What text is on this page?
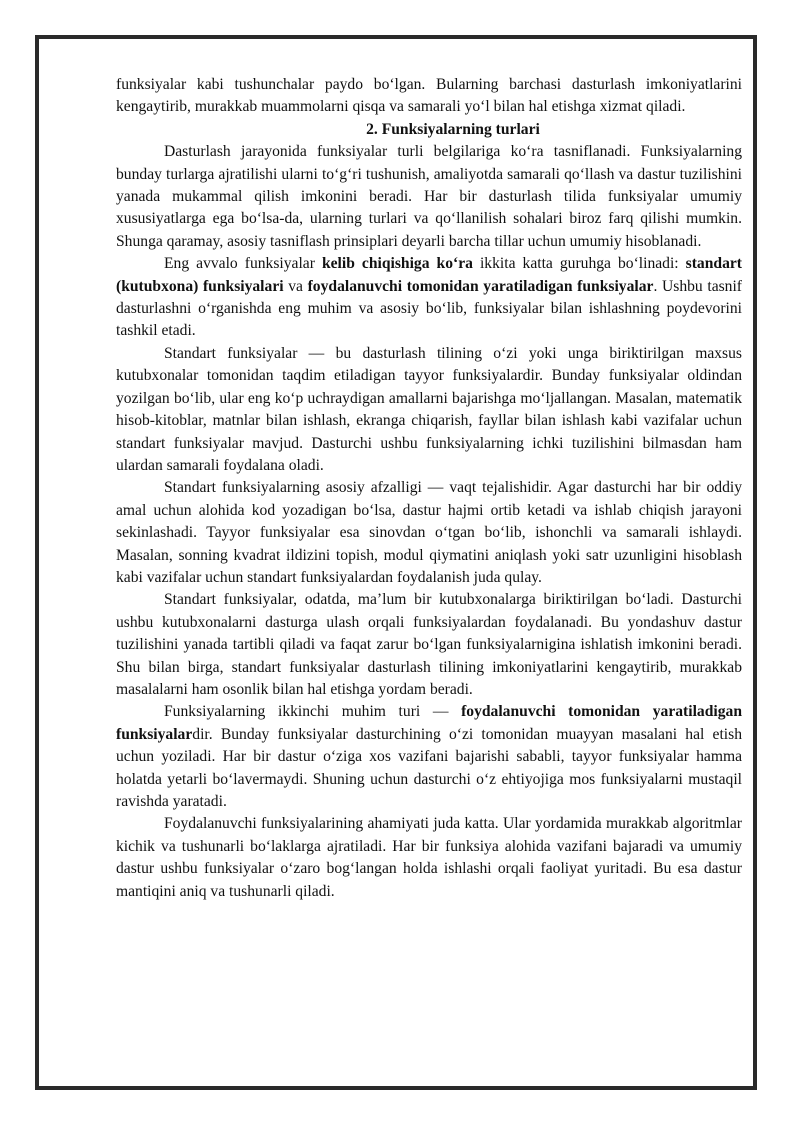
funksiyalar kabi tushunchalar paydo bo‘lgan. Bularning barchasi dasturlash imkoniyatlarini kengaytirib, murakkab muammolarni qisqa va samarali yo‘l bilan hal etishga xizmat qiladi.

2. Funksiyalarning turlari

Dasturlash jarayonida funksiyalar turli belgilariga ko‘ra tasniflanadi. Funksiyalarning bunday turlarga ajratilishi ularni to‘g‘ri tushunish, amaliyotda samarali qo‘llash va dastur tuzilishini yanada mukammal qilish imkonini beradi. Har bir dasturlash tilida funksiyalar umumiy xususiyatlarga ega bo‘lsa-da, ularning turlari va qo‘llanilish sohalari biroz farq qilishi mumkin. Shunga qaramay, asosiy tasniflash prinsiplari deyarli barcha tillar uchun umumiy hisoblanadi.

Eng avvalo funksiyalar kelib chiqishiga ko‘ra ikkita katta guruhga bo‘linadi: standart (kutubxona) funksiyalari va foydalanuvchi tomonidan yaratiladigan funksiyalar. Ushbu tasnif dasturlashni o‘rganishda eng muhim va asosiy bo‘lib, funksiyalar bilan ishlashning poydevorini tashkil etadi.

Standart funksiyalar — bu dasturlash tilining o‘zi yoki unga biriktirilgan maxsus kutubxonalar tomonidan taqdim etiladigan tayyor funksiyalardir. Bunday funksiyalar oldindan yozilgan bo‘lib, ular eng ko‘p uchraydigan amallarni bajarishga mo‘ljallangan. Masalan, matematik hisob-kitoblar, matnlar bilan ishlash, ekranga chiqarish, fayllar bilan ishlash kabi vazifalar uchun standart funksiyalar mavjud. Dasturchi ushbu funksiyalarning ichki tuzilishini bilmasdan ham ulardan samarali foydalana oladi.

Standart funksiyalarning asosiy afzalligi — vaqt tejalishidir. Agar dasturchi har bir oddiy amal uchun alohida kod yozadigan bo‘lsa, dastur hajmi ortib ketadi va ishlab chiqish jarayoni sekinlashadi. Tayyor funksiyalar esa sinovdan o‘tgan bo‘lib, ishonchli va samarali ishlaydi. Masalan, sonning kvadrat ildizini topish, modul qiymatini aniqlash yoki satr uzunligini hisoblash kabi vazifalar uchun standart funksiyalardan foydalanish juda qulay.

Standart funksiyalar, odatda, ma’lum bir kutubxonalarga biriktirilgan bo‘ladi. Dasturchi ushbu kutubxonalarni dasturga ulash orqali funksiyalardan foydalanadi. Bu yondashuv dastur tuzilishini yanada tartibli qiladi va faqat zarur bo‘lgan funksiyalarnigina ishlatish imkonini beradi. Shu bilan birga, standart funksiyalar dasturlash tilining imkoniyatlarini kengaytirib, murakkab masalalarni ham osonlik bilan hal etishga yordam beradi.

Funksiyalarning ikkinchi muhim turi — foydalanuvchi tomonidan yaratiladigan funksiyalardir. Bunday funksiyalar dasturchining o‘zi tomonidan muayyan masalani hal etish uchun yoziladi. Har bir dastur o‘ziga xos vazifani bajarishi sababli, tayyor funksiyalar hamma holatda yetarli bo‘lavermaydi. Shuning uchun dasturchi o‘z ehtiyojiga mos funksiyalarni mustaqil ravishda yaratadi.

Foydalanuvchi funksiyalarining ahamiyati juda katta. Ular yordamida murakkab algoritmlar kichik va tushunarli bo‘laklarga ajratiladi. Har bir funksiya alohida vazifani bajaradi va umumiy dastur ushbu funksiyalar o‘zaro bog‘langan holda ishlashi orqali faoliyat yuritadi. Bu esa dastur mantiqini aniq va tushunarli qiladi.
